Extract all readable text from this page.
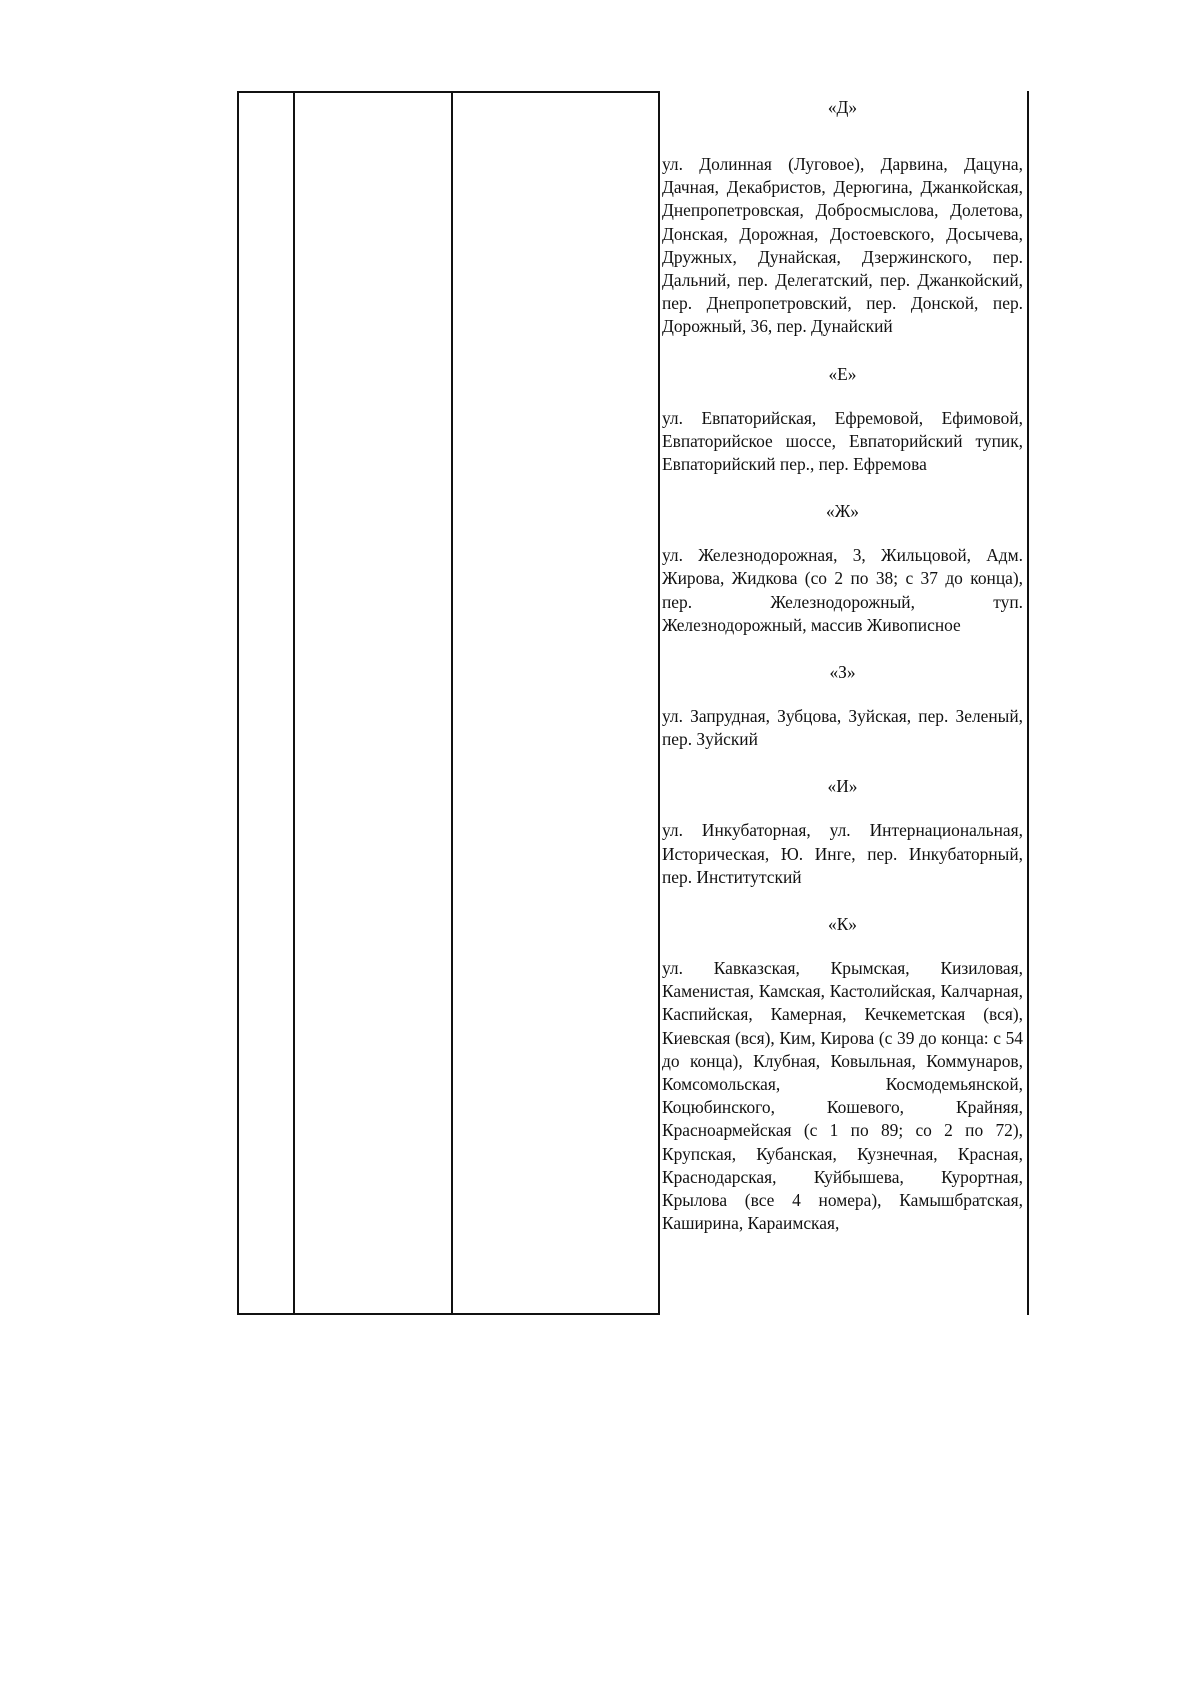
«Д»
ул. Долинная (Луговое), Дарвина, Дацуна, Дачная, Декабристов, Дерюгина, Джанкойская, Днепропетровская, Добросмыслова, Долетова, Донская, Дорожная, Достоевского, Досычева, Дружных, Дунайская, Дзержинского, пер. Дальний, пер. Делегатский, пер. Джанкойский, пер. Днепропетровский, пер. Донской, пер. Дорожный, 36, пер. Дунайский
«Е»
ул. Евпаторийская, Ефремовой, Ефимовой, Евпаторийское шоссе, Евпаторийский тупик, Евпаторийский пер., пер. Ефремова
«Ж»
ул. Железнодорожная, 3, Жильцовой, Адм. Жирова, Жидкова (со 2 по 38; с 37 до конца), пер. Железнодорожный, туп. Железнодорожный, массив Живописное
«З»
ул. Запрудная, Зубцова, Зуйская, пер. Зеленый, пер. Зуйский
«И»
ул. Инкубаторная, ул. Интернациональная, Историческая, Ю. Инге, пер. Инкубаторный, пер. Институтский
«К»
ул. Кавказская, Крымская, Кизиловая, Каменистая, Камская, Кастолийская, Калчарная, Каспийская, Камерная, Кечкеметская (вся), Киевская (вся), Ким, Кирова (с 39 до конца: с 54 до конца), Клубная, Ковыльная, Коммунаров, Комсомольская, Космодемьянской, Коцюбинского, Кошевого, Крайняя, Красноармейская (с 1 по 89; со 2 по 72), Крупская, Кубанская, Кузнечная, Красная, Краснодарская, Куйбышева, Курортная, Крылова (все 4 номера), Камышбратская, Каширина, Караимская,
